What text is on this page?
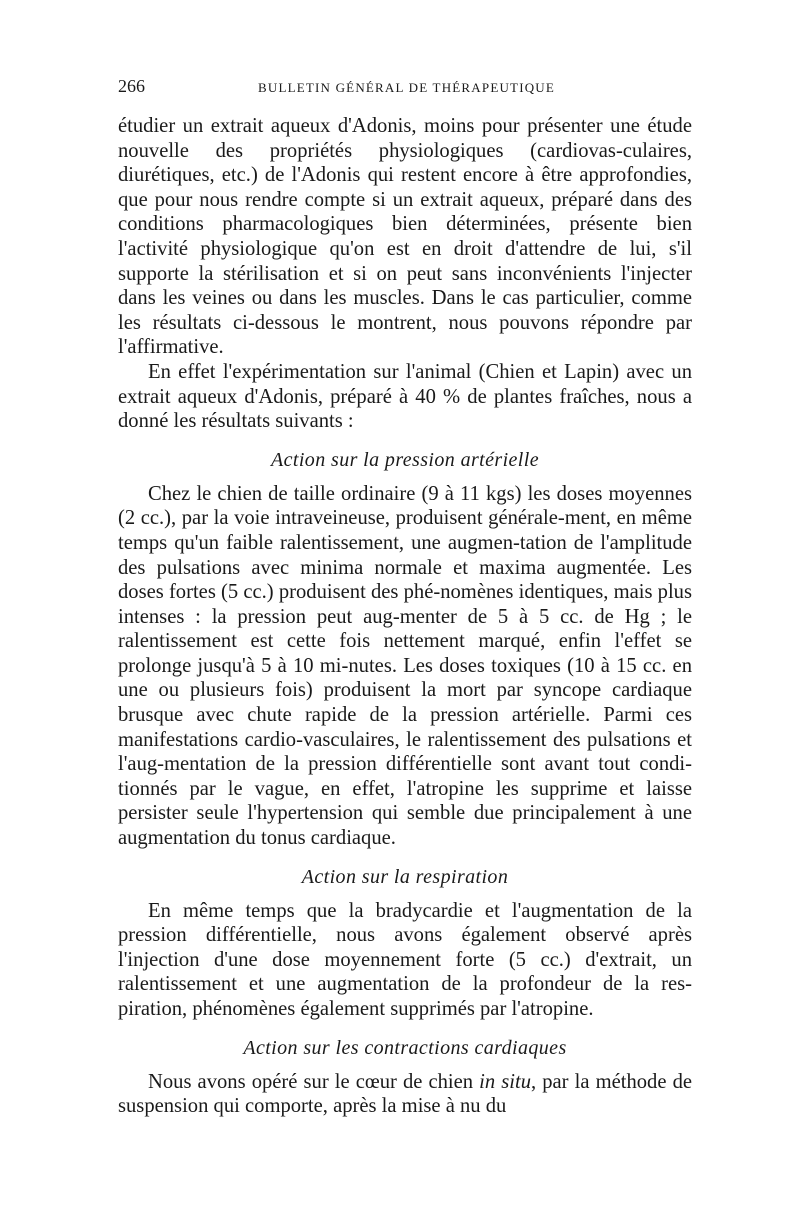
266	BULLETIN GÉNÉRAL DE THÉRAPEUTIQUE

étudier un extrait aqueux d'Adonis, moins pour présenter une étude nouvelle des propriétés physiologiques (cardiovas-culaires, diurétiques, etc.) de l'Adonis qui restent encore à être approfondies, que pour nous rendre compte si un extrait aqueux, préparé dans des conditions pharmacologiques bien déterminées, présente bien l'activité physiologique qu'on est en droit d'attendre de lui, s'il supporte la stérilisation et si on peut sans inconvénients l'injecter dans les veines ou dans les muscles. Dans le cas particulier, comme les résultats ci-dessous le montrent, nous pouvons répondre par l'affirmative.

En effet l'expérimentation sur l'animal (Chien et Lapin) avec un extrait aqueux d'Adonis, préparé à 40 % de plantes fraîches, nous a donné les résultats suivants :

Action sur la pression artérielle

Chez le chien de taille ordinaire (9 à 11 kgs) les doses moyennes (2 cc.), par la voie intraveineuse, produisent générale-ment, en même temps qu'un faible ralentissement, une augmen-tation de l'amplitude des pulsations avec minima normale et maxima augmentée. Les doses fortes (5 cc.) produisent des phé-nomènes identiques, mais plus intenses : la pression peut aug-menter de 5 à 5 cc. de Hg ; le ralentissement est cette fois nettement marqué, enfin l'effet se prolonge jusqu'à 5 à 10 mi-nutes. Les doses toxiques (10 à 15 cc. en une ou plusieurs fois) produisent la mort par syncope cardiaque brusque avec chute rapide de la pression artérielle. Parmi ces manifestations cardio-vasculaires, le ralentissement des pulsations et l'aug-mentation de la pression différentielle sont avant tout condi-tionnés par le vague, en effet, l'atropine les supprime et laisse persister seule l'hypertension qui semble due principalement à une augmentation du tonus cardiaque.

Action sur la respiration

En même temps que la bradycardie et l'augmentation de la pression différentielle, nous avons également observé après l'injection d'une dose moyennement forte (5 cc.) d'extrait, un ralentissement et une augmentation de la profondeur de la res-piration, phénomènes également supprimés par l'atropine.

Action sur les contractions cardiaques

Nous avons opéré sur le cœur de chien in situ, par la méthode de suspension qui comporte, après la mise à nu du
